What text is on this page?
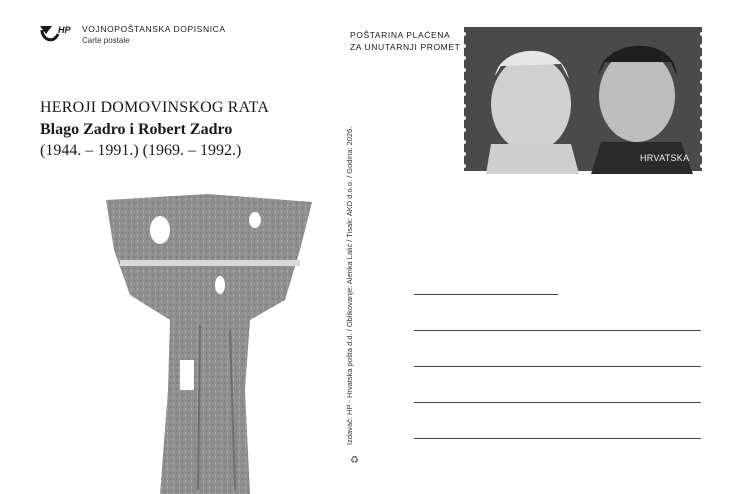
HP VOJNOPOŠTANSKA DOPISNICA
Carte postale
POŠTARINA PLAĆENA
ZA UNUTARNJI PROMET
HEROJI DOMOVINSKOG RATA
Blago Zadro i Robert Zadro
(1944. – 1991.) (1969. – 1992.)	Izdavač: HP - Hrvatska pošta d.d. / Oblikovanje: Alenka Lalić / Tisak: AKD d.o.o. / Godina: 2026.
♻
HRVATSKA
